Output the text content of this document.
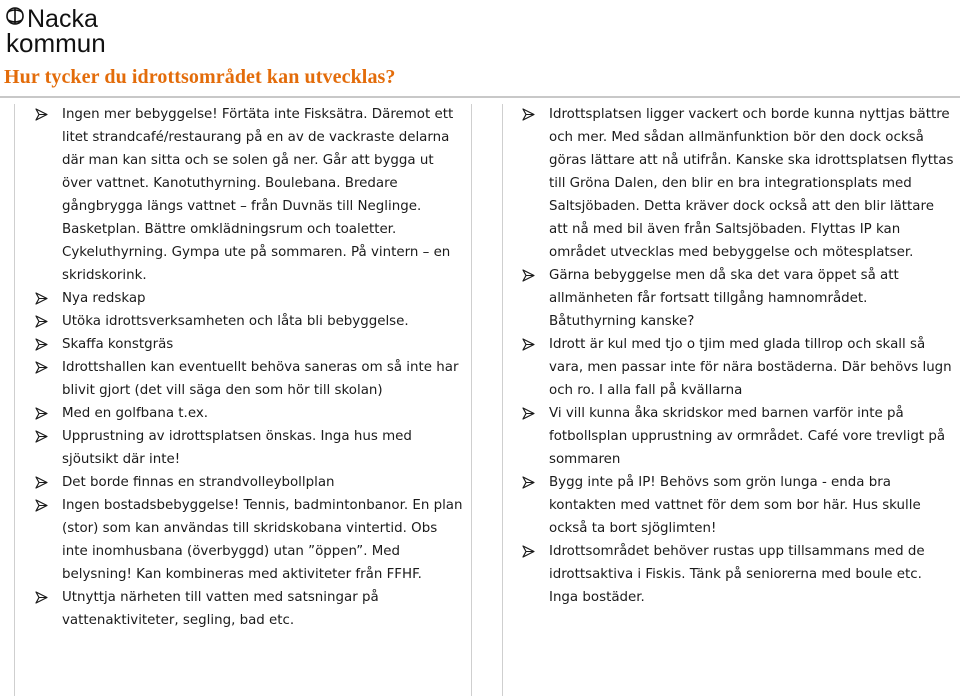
Nacka
kommun
Hur tycker du idrottsområdet kan utvecklas?
Ingen mer bebyggelse! Förtäta inte Fisksätra. Däremot ett litet strandcafé/restaurang på en av de vackraste delarna där man kan sitta och se solen gå ner. Går att bygga ut över vattnet. Kanotuthyrning. Boulebana. Bredare gångbrygga längs vattnet – från Duvnäs till Neglinge. Basketplan. Bättre omklädningsrum och toaletter. Cykeluthyrning. Gympa ute på sommaren. På vintern – en skridskorink.
Nya redskap
Utöka idrottsverksamheten och låta bli bebyggelse.
Skaffa konstgräs
Idrottshallen kan eventuellt behöva saneras om så inte har blivit gjort (det vill säga den som hör till skolan)
Med en golfbana t.ex.
Upprustning av idrottsplatsen önskas. Inga hus med sjöutsikt där inte!
Det borde finnas en strandvolleybollplan
Ingen bostadsbebyggelse! Tennis, badmintonbanor. En plan (stor) som kan användas till skridskobana vintertid. Obs inte inomhusbana (överbyggd) utan ”öppen”. Med belysning! Kan kombineras med aktiviteter från FFHF.
Utnyttja närheten till vatten med satsningar på vattenaktiviteter, segling, bad etc.
Idrottsplatsen ligger vackert och borde kunna nyttjas bättre och mer. Med sådan allmänfunktion bör den dock också göras lättare att nå utifrån. Kanske ska idrottsplatsen flyttas till Gröna Dalen, den blir en bra integrationsplats med Saltsjöbaden. Detta kräver dock också att den blir lättare att nå med bil även från Saltsjöbaden. Flyttas IP kan området utvecklas med bebyggelse och mötesplatser.
Gärna bebyggelse men då ska det vara öppet så att allmänheten får fortsatt tillgång hamnområdet. Båtuthyrning kanske?
Idrott är kul med tjo o tjim med glada tillrop och skall så vara, men passar inte för nära bostäderna. Där behövs lugn och ro. I alla fall på kvällarna
Vi vill kunna åka skridskor med barnen varför inte på fotbollsplan upprustning av ormrådet. Café vore trevligt på sommaren
Bygg inte på IP! Behövs som grön lunga - enda bra kontakten med vattnet för dem som bor här. Hus skulle också ta bort sjöglimten!
Idrottsområdet behöver rustas upp tillsammans med de idrottsaktiva i Fiskis. Tänk på seniorerna med boule etc. Inga bostäder.
